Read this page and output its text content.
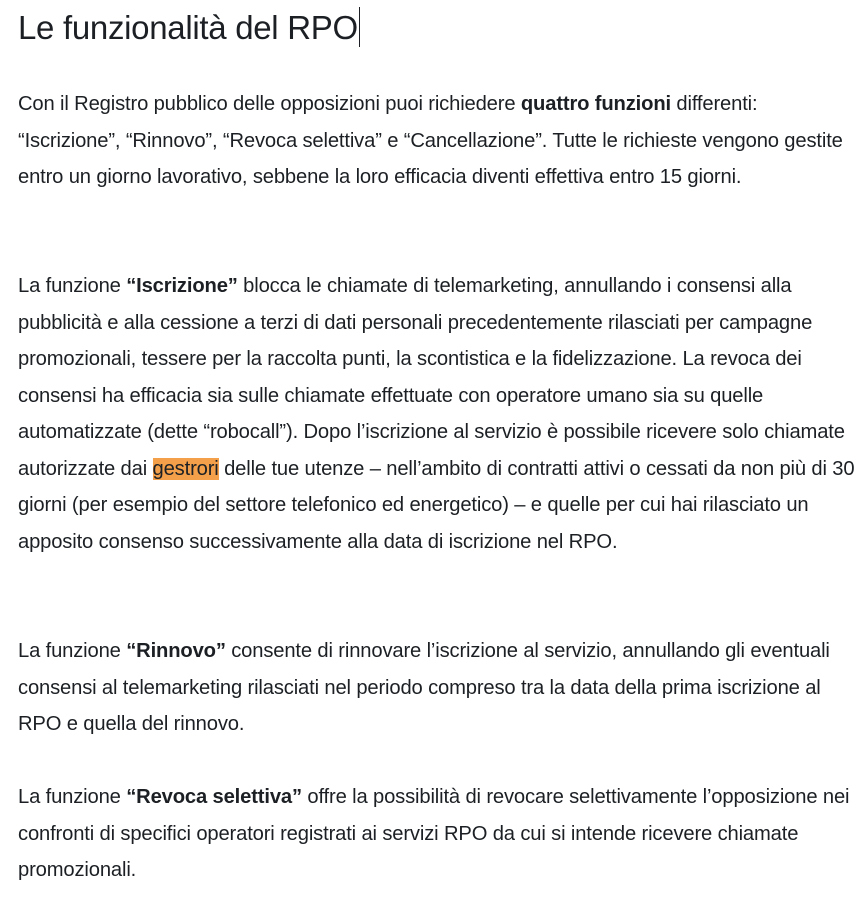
Le funzionalità del RPO

Con il Registro pubblico delle opposizioni puoi richiedere quattro funzioni differenti: “Iscrizione”, “Rinnovo”, “Revoca selettiva” e “Cancellazione”. Tutte le richieste vengono gestite entro un giorno lavorativo, sebbene la loro efficacia diventi effettiva entro 15 giorni.

La funzione “Iscrizione” blocca le chiamate di telemarketing, annullando i consensi alla pubblicità e alla cessione a terzi di dati personali precedentemente rilasciati per campagne promozionali, tessere per la raccolta punti, la scontistica e la fidelizzazione. La revoca dei consensi ha efficacia sia sulle chiamate effettuate con operatore umano sia su quelle automatizzate (dette “robocall”). Dopo l’iscrizione al servizio è possibile ricevere solo chiamate autorizzate dai gestrori delle tue utenze – nell’ambito di contratti attivi o cessati da non più di 30 giorni (per esempio del settore telefonico ed energetico) – e quelle per cui hai rilasciato un apposito consenso successivamente alla data di iscrizione nel RPO.

La funzione “Rinnovo” consente di rinnovare l’iscrizione al servizio, annullando gli eventuali consensi al telemarketing rilasciati nel periodo compreso tra la data della prima iscrizione al RPO e quella del rinnovo.

La funzione “Revoca selettiva” offre la possibilità di revocare selettivamente l’opposizione nei confronti di specifici operatori registrati ai servizi RPO da cui si intende ricevere chiamate promozionali.
